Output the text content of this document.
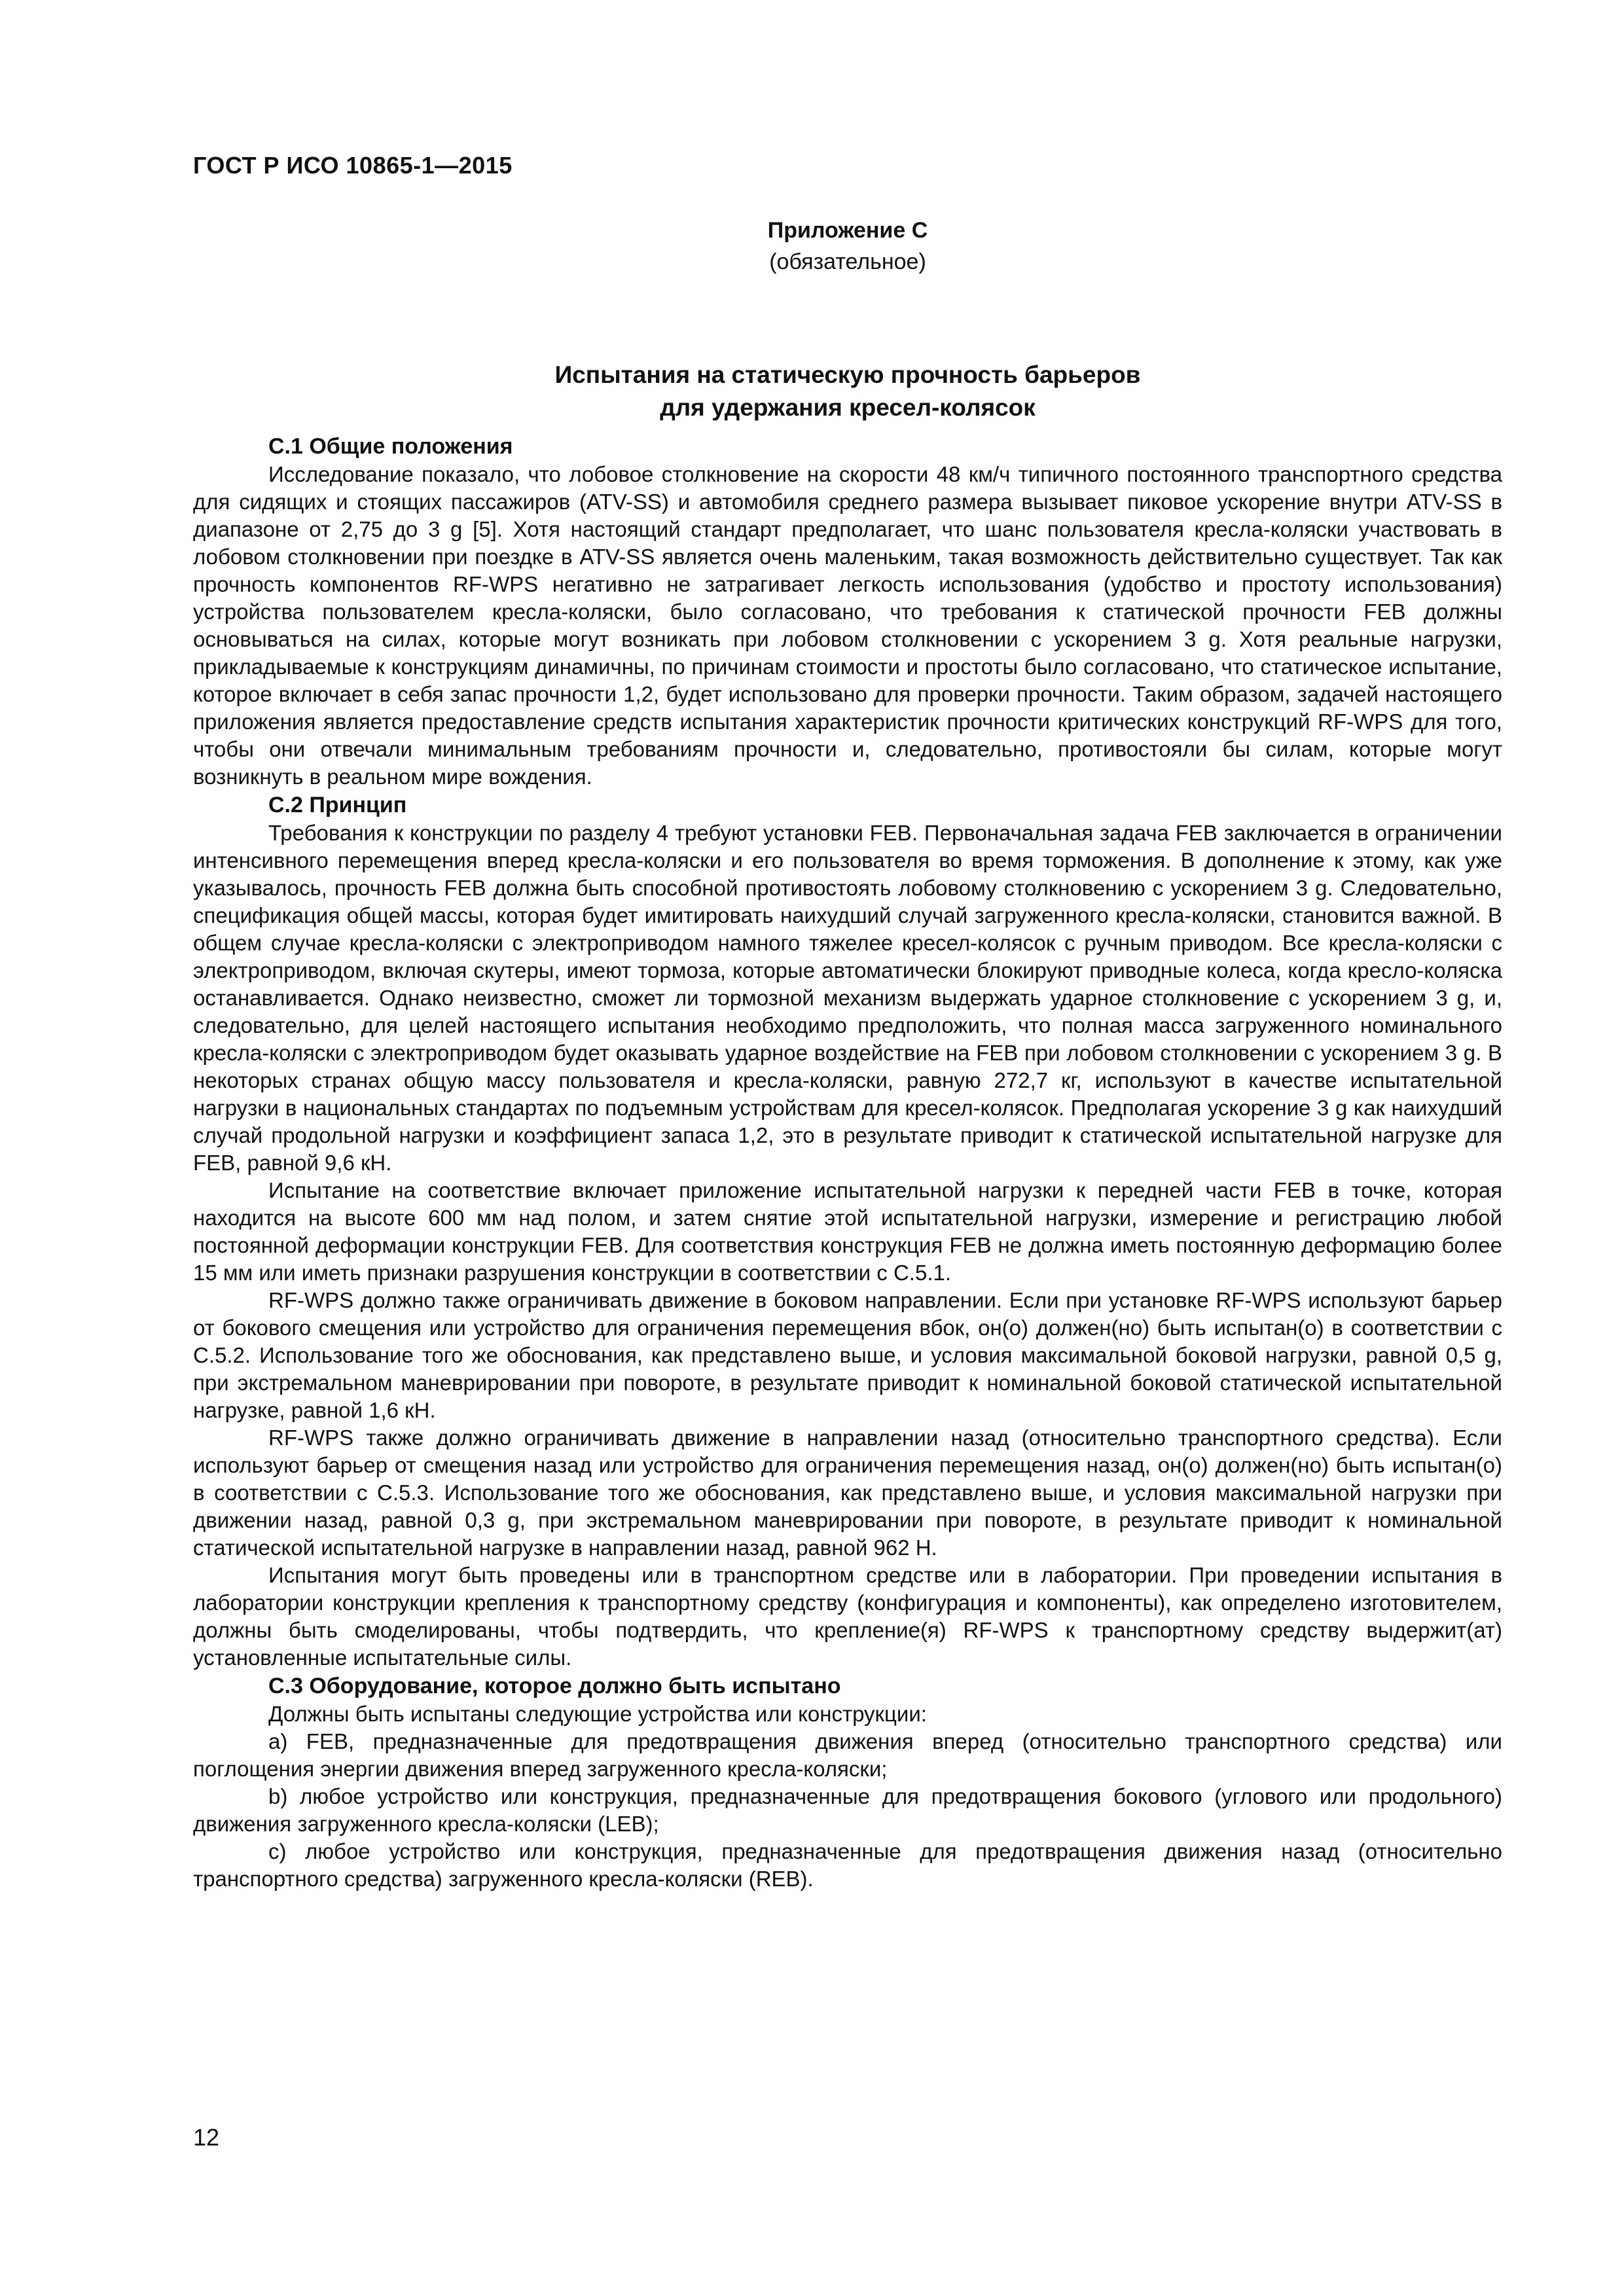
ГОСТ Р ИСО 10865-1—2015
Приложение С
(обязательное)
Испытания на статическую прочность барьеров
для удержания кресел-колясок
С.1 Общие положения

Исследование показало, что лобовое столкновение на скорости 48 км/ч типичного постоянного транспортного средства для сидящих и стоящих пассажиров (ATV-SS) и автомобиля среднего размера вызывает пиковое ускорение внутри ATV-SS в диапазоне от 2,75 до 3 g [5]. Хотя настоящий стандарт предполагает, что шанс пользователя кресла-коляски участвовать в лобовом столкновении при поездке в ATV-SS является очень маленьким, такая возможность действительно существует. Так как прочность компонентов RF-WPS негативно не затрагивает легкость использования (удобство и простоту использования) устройства пользователем кресла-коляски, было согласовано, что требования к статической прочности FEB должны основываться на силах, которые могут возникать при лобовом столкновении с ускорением 3 g. Хотя реальные нагрузки, прикладываемые к конструкциям динамичны, по причинам стоимости и простоты было согласовано, что статическое испытание, которое включает в себя запас прочности 1,2, будет использовано для проверки прочности. Таким образом, задачей настоящего приложения является предоставление средств испытания характеристик прочности критических конструкций RF-WPS для того, чтобы они отвечали минимальным требованиям прочности и, следовательно, противостояли бы силам, которые могут возникнуть в реальном мире вождения.

С.2 Принцип

Требования к конструкции по разделу 4 требуют установки FEB. Первоначальная задача FEB заключается в ограничении интенсивного перемещения вперед кресла-коляски и его пользователя во время торможения. В дополнение к этому, как уже указывалось, прочность FEB должна быть способной противостоять лобовому столкновению с ускорением 3 g. Следовательно, спецификация общей массы, которая будет имитировать наихудший случай загруженного кресла-коляски, становится важной. В общем случае кресла-коляски с электроприводом намного тяжелее кресел-колясок с ручным приводом. Все кресла-коляски с электроприводом, включая скутеры, имеют тормоза, которые автоматически блокируют приводные колеса, когда кресло-коляска останавливается. Однако неизвестно, сможет ли тормозной механизм выдержать ударное столкновение с ускорением 3 g, и, следовательно, для целей настоящего испытания необходимо предположить, что полная масса загруженного номинального кресла-коляски с электроприводом будет оказывать ударное воздействие на FEB при лобовом столкновении с ускорением 3 g. В некоторых странах общую массу пользователя и кресла-коляски, равную 272,7 кг, используют в качестве испытательной нагрузки в национальных стандартах по подъемным устройствам для кресел-колясок. Предполагая ускорение 3 g как наихудший случай продольной нагрузки и коэффициент запаса 1,2, это в результате приводит к статической испытательной нагрузке для FEB, равной 9,6 кН.

Испытание на соответствие включает приложение испытательной нагрузки к передней части FEB в точке, которая находится на высоте 600 мм над полом, и затем снятие этой испытательной нагрузки, измерение и регистрацию любой постоянной деформации конструкции FEB. Для соответствия конструкция FEB не должна иметь постоянную деформацию более 15 мм или иметь признаки разрушения конструкции в соответствии с С.5.1.

RF-WPS должно также ограничивать движение в боковом направлении. Если при установке RF-WPS используют барьер от бокового смещения или устройство для ограничения перемещения вбок, он(о) должен(но) быть испытан(о) в соответствии с С.5.2. Использование того же обоснования, как представлено выше, и условия максимальной боковой нагрузки, равной 0,5 g, при экстремальном маневрировании при повороте, в результате приводит к номинальной боковой статической испытательной нагрузке, равной 1,6 кН.

RF-WPS также должно ограничивать движение в направлении назад (относительно транспортного средства). Если используют барьер от смещения назад или устройство для ограничения перемещения назад, он(о) должен(но) быть испытан(о) в соответствии с С.5.3. Использование того же обоснования, как представлено выше, и условия максимальной нагрузки при движении назад, равной 0,3 g, при экстремальном маневрировании при повороте, в результате приводит к номинальной статической испытательной нагрузке в направлении назад, равной 962 Н.

Испытания могут быть проведены или в транспортном средстве или в лаборатории. При проведении испытания в лаборатории конструкции крепления к транспортному средству (конфигурация и компоненты), как определено изготовителем, должны быть смоделированы, чтобы подтвердить, что крепление(я) RF-WPS к транспортному средству выдержит(ат) установленные испытательные силы.

С.3 Оборудование, которое должно быть испытано

Должны быть испытаны следующие устройства или конструкции:

а) FEB, предназначенные для предотвращения движения вперед (относительно транспортного средства) или поглощения энергии движения вперед загруженного кресла-коляски;

b) любое устройство или конструкция, предназначенные для предотвращения бокового (углового или продольного) движения загруженного кресла-коляски (LEB);

с) любое устройство или конструкция, предназначенные для предотвращения движения назад (относительно транспортного средства) загруженного кресла-коляски (REB).

12
